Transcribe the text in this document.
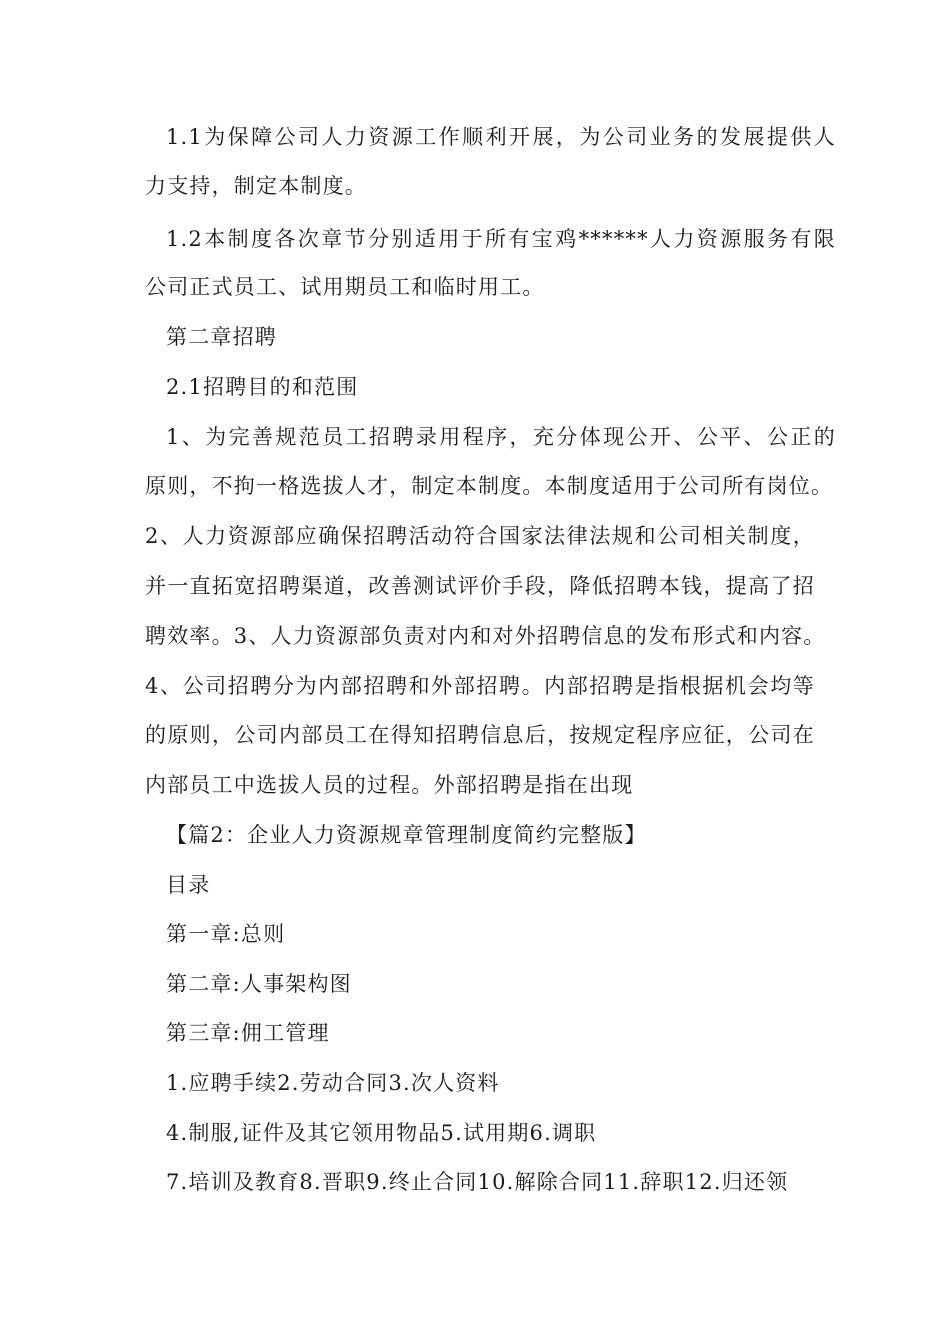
1.1为保障公司人力资源工作顺利开展，为公司业务的发展提供人
力支持，制定本制度。
1.2本制度各次章节分别适用于所有宝鸡******人力资源服务有限
公司正式员工、试用期员工和临时用工。
第二章招聘
2.1招聘目的和范围
1、为完善规范员工招聘录用程序，充分体现公开、公平、公正的
原则，不拘一格选拔人才，制定本制度。本制度适用于公司所有岗位。
2、人力资源部应确保招聘活动符合国家法律法规和公司相关制度，
并一直拓宽招聘渠道，改善测试评价手段，降低招聘本钱，提高了招
聘效率。3、人力资源部负责对内和对外招聘信息的发布形式和内容。
4、公司招聘分为内部招聘和外部招聘。内部招聘是指根据机会均等
的原则，公司内部员工在得知招聘信息后，按规定程序应征，公司在
内部员工中选拔人员的过程。外部招聘是指在出现
【篇2：企业人力资源规章管理制度简约完整版】
目录
第一章:总则
第二章:人事架构图
第三章:佣工管理
1.应聘手续2.劳动合同3.次人资料
4.制服,证件及其它领用物品5.试用期6.调职
7.培训及教育8.晋职9.终止合同10.解除合同11.辞职12.归还领
